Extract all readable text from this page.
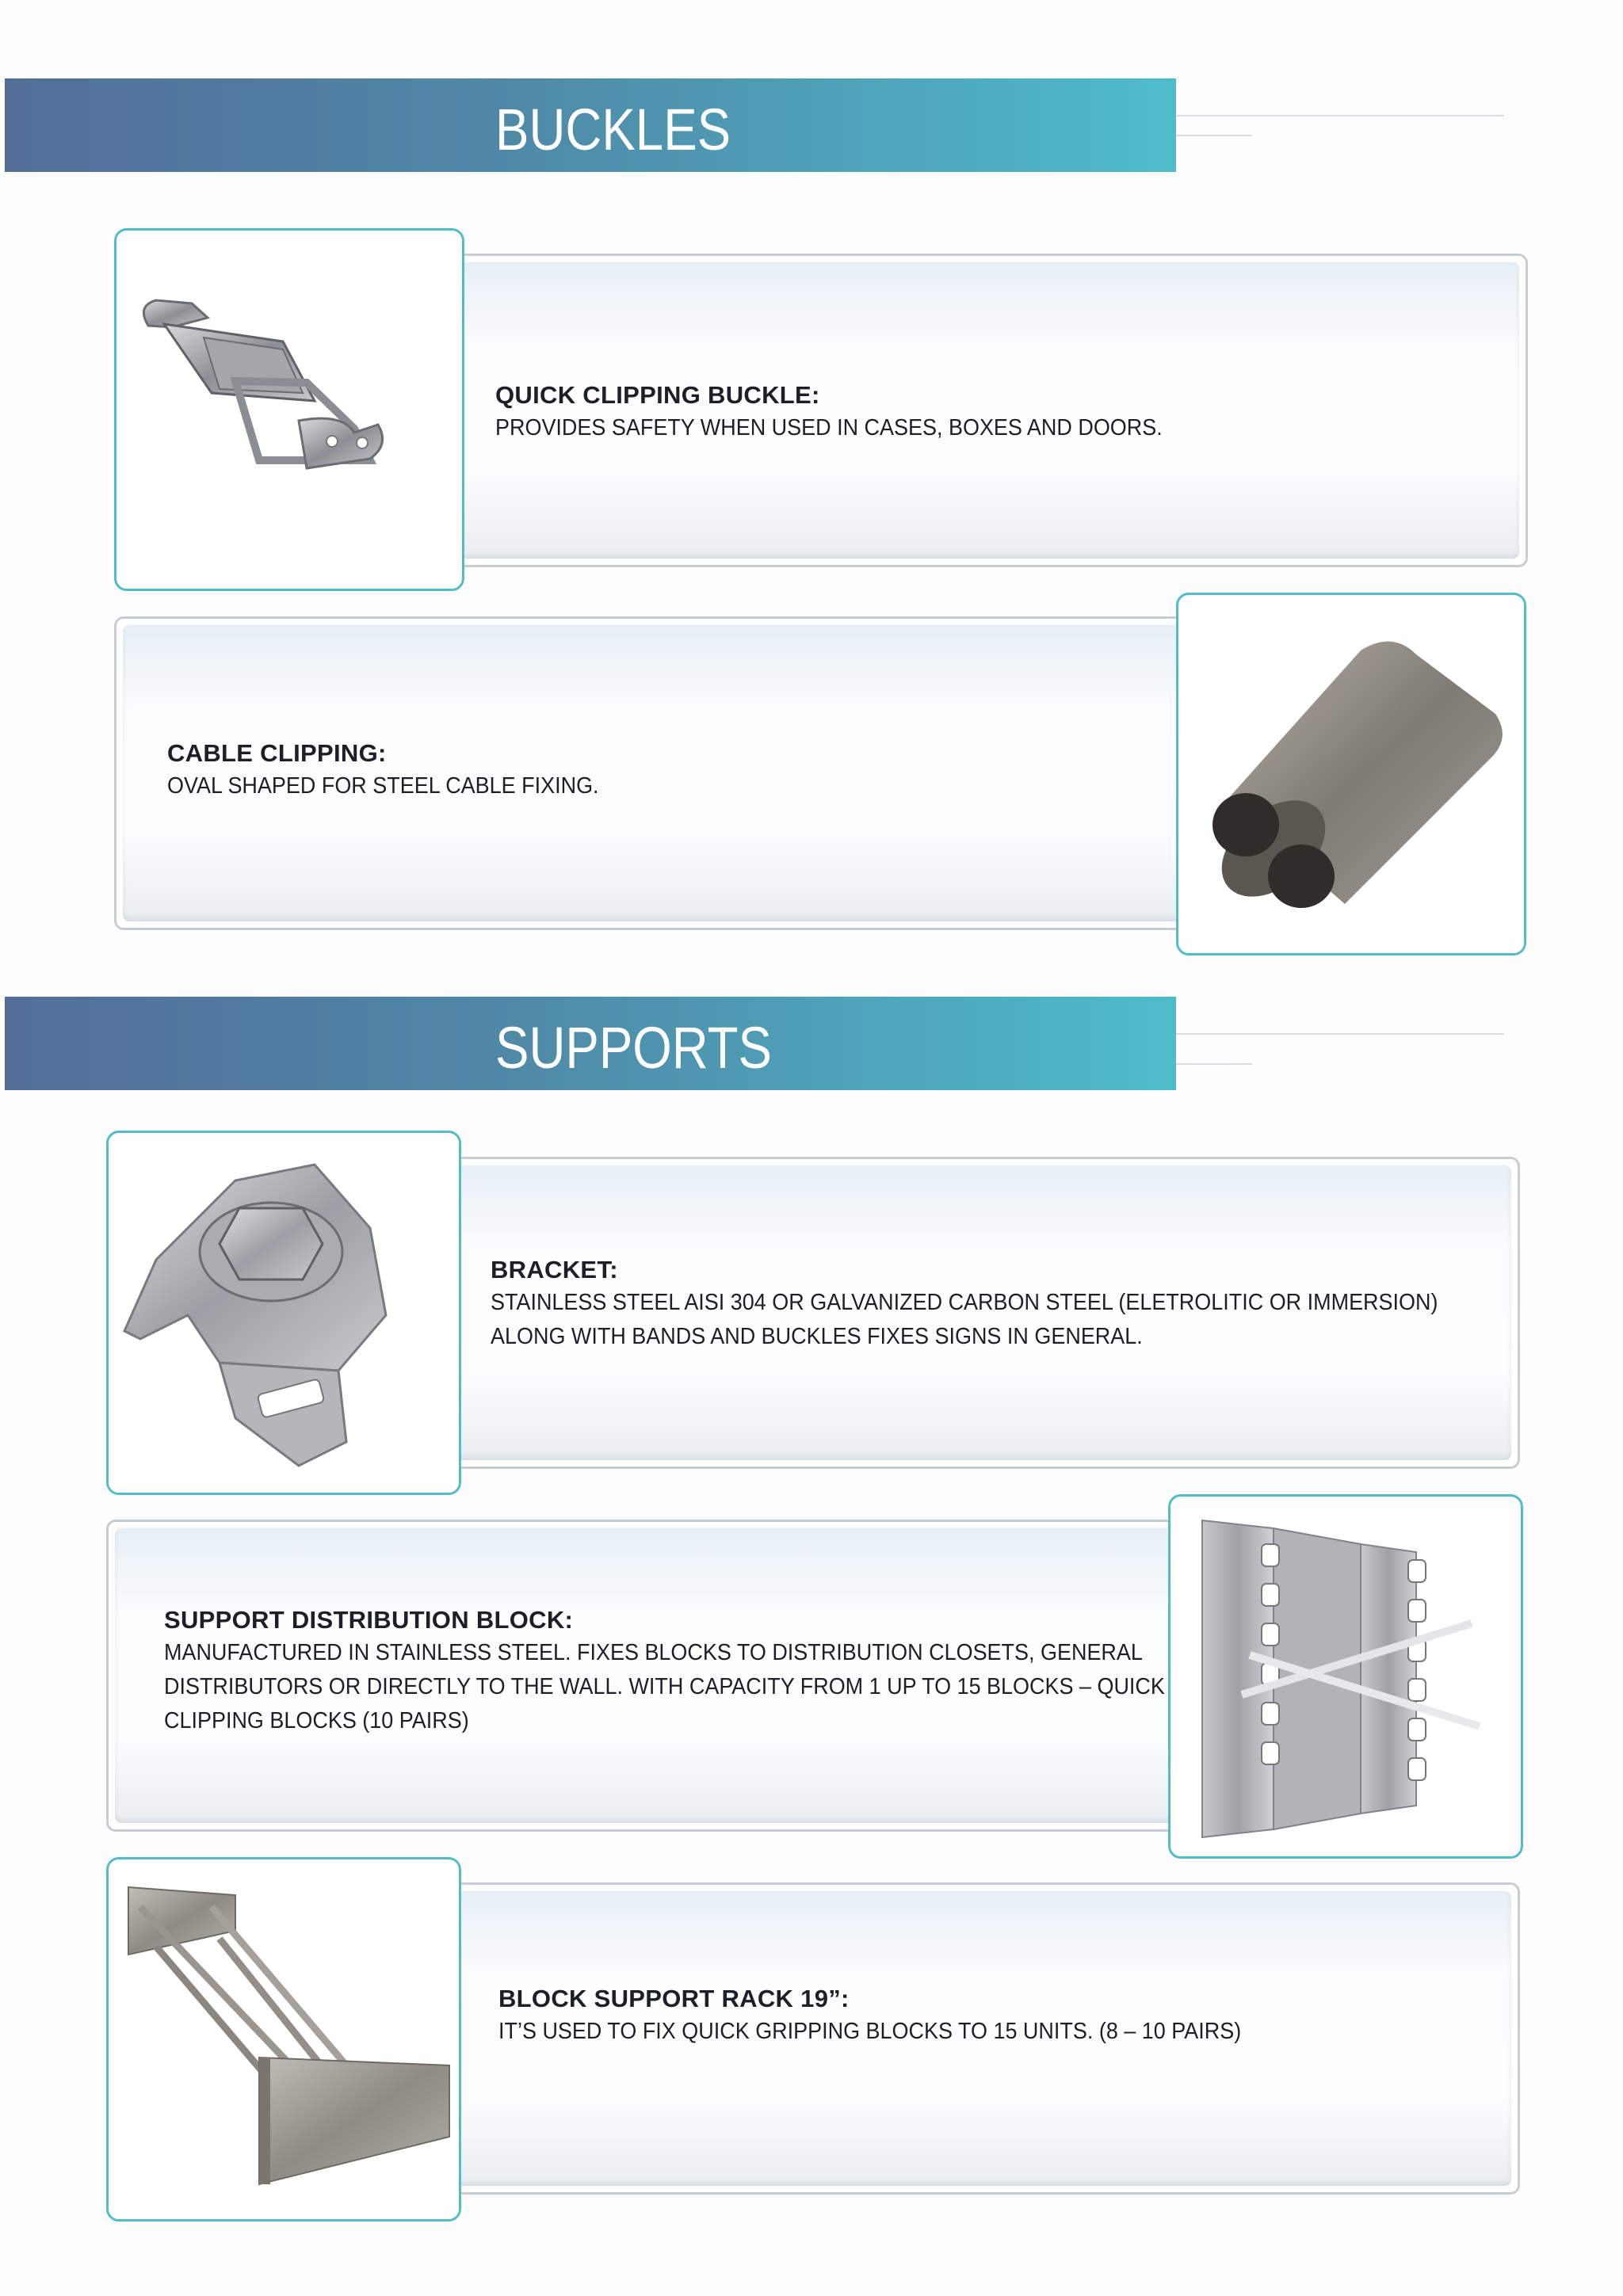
BUCKLES
QUICK CLIPPING BUCKLE:
PROVIDES SAFETY WHEN USED IN CASES, BOXES AND DOORS.
CABLE CLIPPING:
OVAL SHAPED FOR STEEL CABLE FIXING.
SUPPORTS
BRACKET:
STAINLESS STEEL AISI 304 OR GALVANIZED CARBON STEEL (ELETROLITIC OR IMMERSION)
ALONG WITH BANDS AND BUCKLES FIXES SIGNS IN GENERAL.
SUPPORT DISTRIBUTION BLOCK:
MANUFACTURED IN STAINLESS STEEL. FIXES BLOCKS TO DISTRIBUTION CLOSETS, GENERAL
DISTRIBUTORS OR DIRECTLY TO THE WALL. WITH CAPACITY FROM 1 UP TO 15 BLOCKS – QUICK
CLIPPING BLOCKS (10 PAIRS)
BLOCK SUPPORT RACK 19”:
IT’S USED TO FIX QUICK GRIPPING BLOCKS TO 15 UNITS. (8 – 10 PAIRS)
